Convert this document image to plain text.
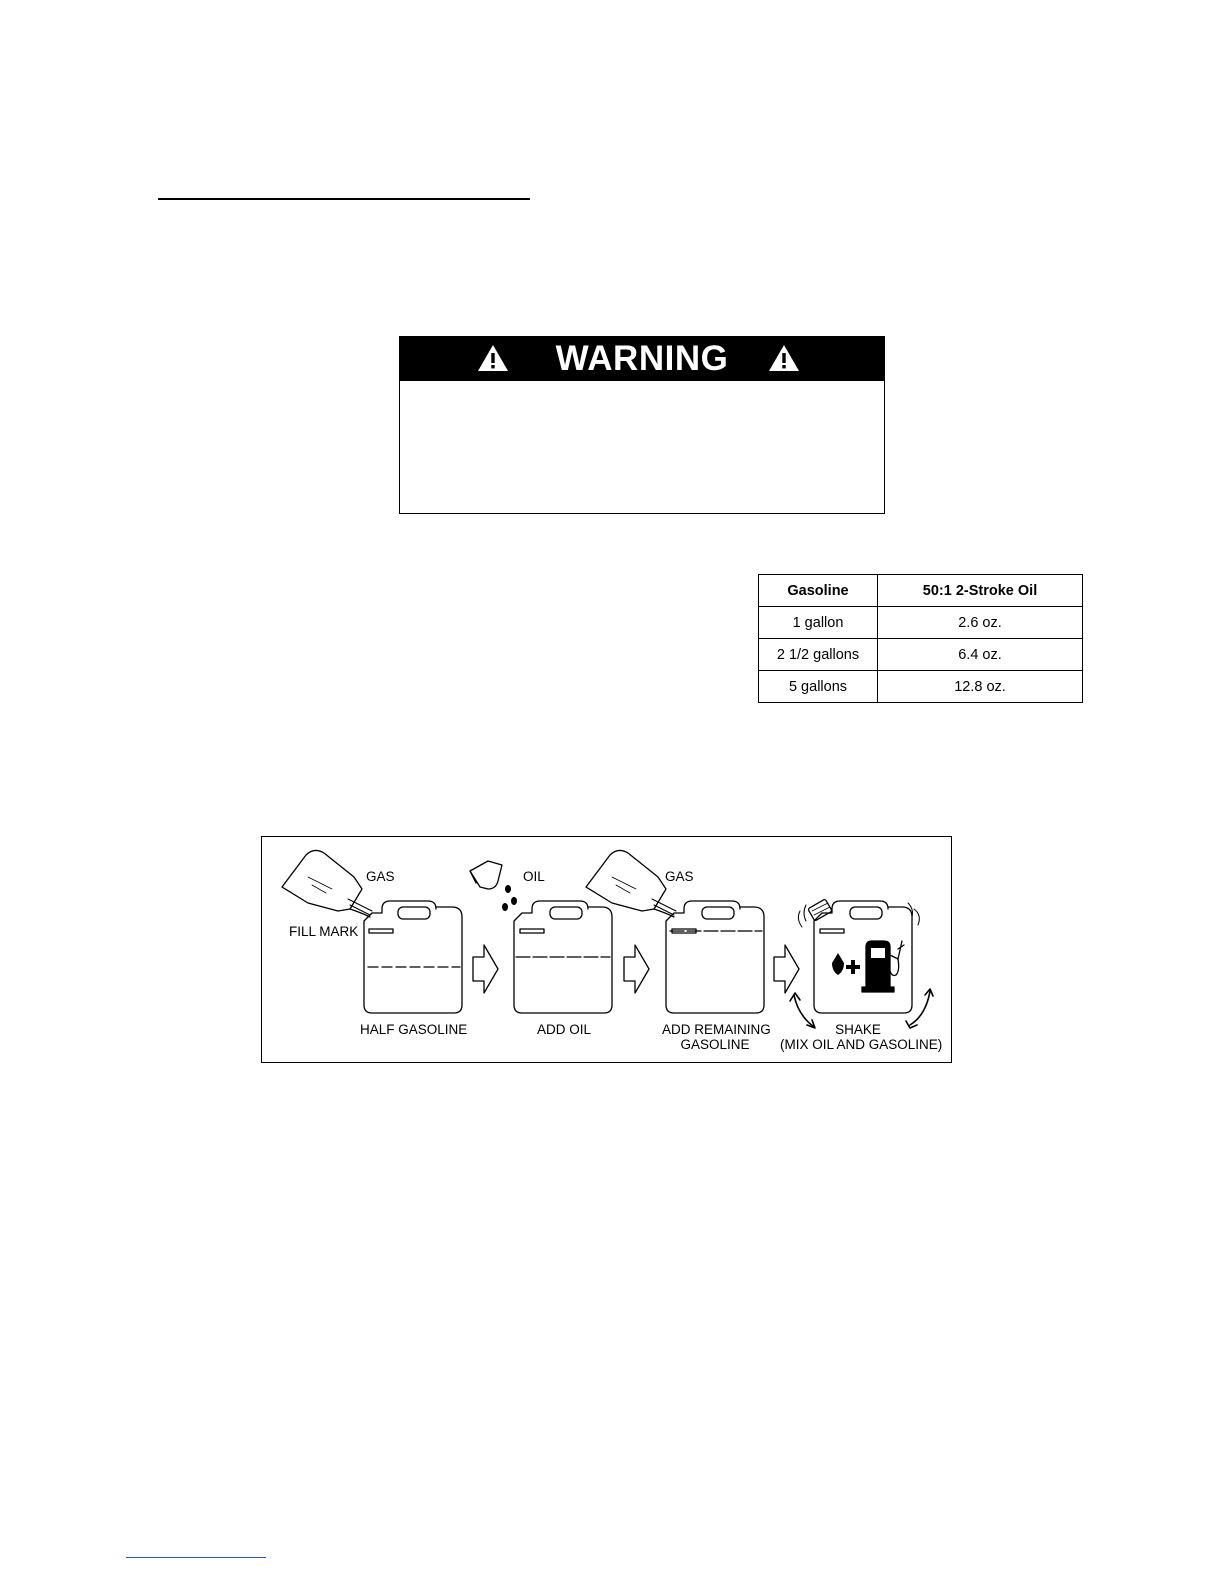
WARNING
Gasoline	50:1 2-Stroke Oil
1 gallon	2.6 oz.
2 1/2 gallons	6.4 oz.
5 gallons	12.8 oz.
GAS
FILL MARK
OIL	GAS
HALF GASOLINE	ADD OIL	ADD REMAINING
GASOLINE
SHAKE
(MIX OIL AND GASOLINE)
